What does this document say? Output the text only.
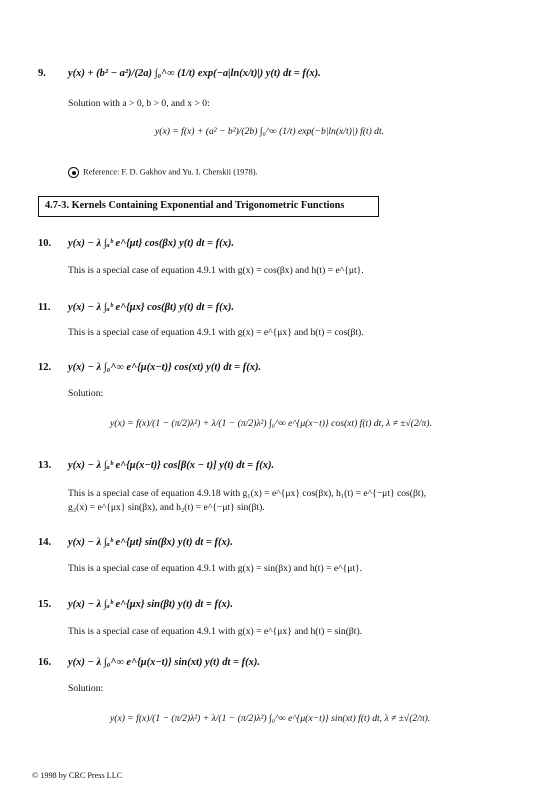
9.	y(x) + (b² − a²)/(2a) ∫₀^∞ (1/t) exp(−a|ln(x/t)|) y(t) dt = f(x).
Solution with a > 0, b > 0, and x > 0:
y(x) = f(x) + (a² − b²)/(2b) ∫₀^∞ (1/t) exp(−b|ln(x/t)|) f(t) dt.
Reference: F. D. Gakhov and Yu. I. Cherskii (1978).
4.7-3. Kernels Containing Exponential and Trigonometric Functions
10.	y(x) − λ ∫ₐᵇ e^{μt} cos(βx) y(t) dt = f(x).
This is a special case of equation 4.9.1 with g(x) = cos(βx) and h(t) = e^{μt}.
11.	y(x) − λ ∫ₐᵇ e^{μx} cos(βt) y(t) dt = f(x).
This is a special case of equation 4.9.1 with g(x) = e^{μx} and h(t) = cos(βt).
12.	y(x) − λ ∫₀^∞ e^{μ(x−t)} cos(xt) y(t) dt = f(x).
Solution:
y(x) = f(x)/(1 − (π/2)λ²) + λ/(1 − (π/2)λ²) ∫₀^∞ e^{μ(x−t)} cos(xt) f(t) dt, λ ≠ ±√(2/π).
13.	y(x) − λ ∫ₐᵇ e^{μ(x−t)} cos[β(x − t)] y(t) dt = f(x).
This is a special case of equation 4.9.18 with g₁(x) = e^{μx} cos(βx), h₁(t) = e^{−μt} cos(βt),
g₂(x) = e^{μx} sin(βx), and h₂(t) = e^{−μt} sin(βt).
14.	y(x) − λ ∫ₐᵇ e^{μt} sin(βx) y(t) dt = f(x).
This is a special case of equation 4.9.1 with g(x) = sin(βx) and h(t) = e^{μt}.
15.	y(x) − λ ∫ₐᵇ e^{μx} sin(βt) y(t) dt = f(x).
This is a special case of equation 4.9.1 with g(x) = e^{μx} and h(t) = sin(βt).
16.	y(x) − λ ∫₀^∞ e^{μ(x−t)} sin(xt) y(t) dt = f(x).
Solution:
y(x) = f(x)/(1 − (π/2)λ²) + λ/(1 − (π/2)λ²) ∫₀^∞ e^{μ(x−t)} sin(xt) f(t) dt, λ ≠ ±√(2/π).
© 1998 by CRC Press LLC
